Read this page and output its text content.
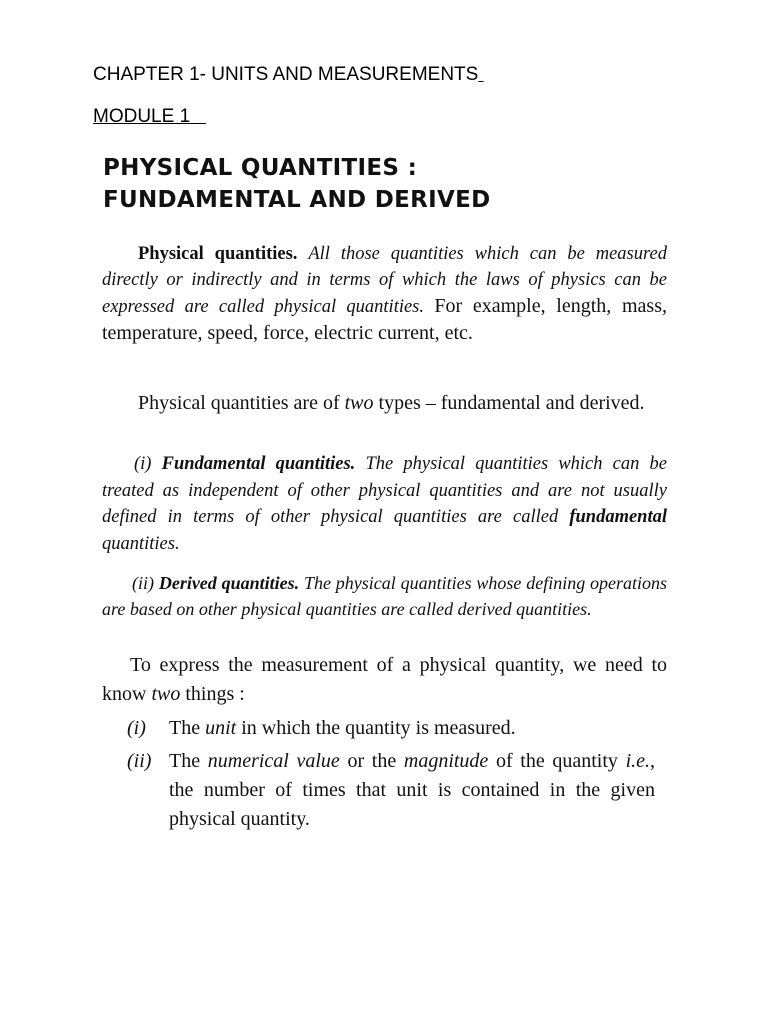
CHAPTER 1- UNITS AND MEASUREMENTS
MODULE 1
PHYSICAL QUANTITIES :
FUNDAMENTAL AND DERIVED

Physical quantities. All those quantities which can be measured directly or indirectly and in terms of which the laws of physics can be expressed are called physical quantities. For example, length, mass, temperature, speed, force, electric current, etc.

Physical quantities are of two types – fundamental and derived.

(i) Fundamental quantities. The physical quantities which can be treated as independent of other physical quantities and are not usually defined in terms of other physical quantities are called fundamental quantities.

(ii) Derived quantities. The physical quantities whose defining operations are based on other physical quantities are called derived quantities.

To express the measurement of a physical quantity, we need to know two things :

(i)	The unit in which the quantity is measured.
(ii) The numerical value or the magnitude of the quantity i.e., the number of times that unit is contained in the given physical quantity.
